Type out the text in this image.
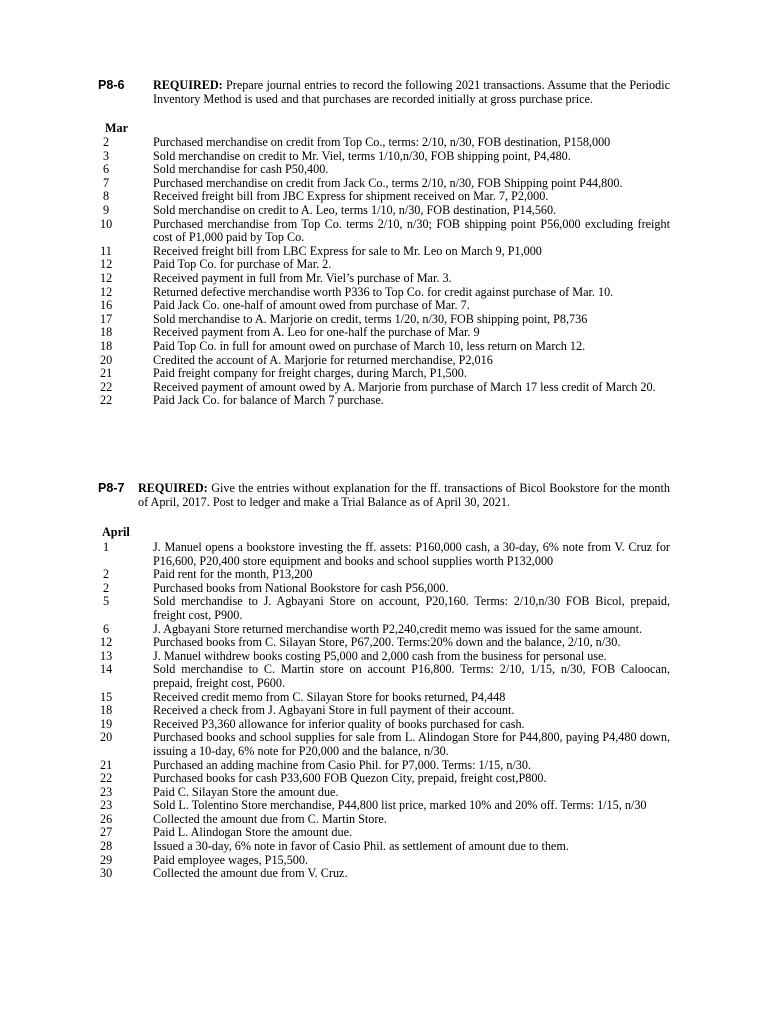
P8-6 REQUIRED: Prepare journal entries to record the following 2021 transactions. Assume that the Periodic Inventory Method is used and that purchases are recorded initially at gross purchase price.
Mar
2	Purchased merchandise on credit from Top Co., terms: 2/10, n/30, FOB destination, P158,000
3	Sold merchandise on credit to Mr. Viel, terms 1/10,n/30, FOB shipping point, P4,480.
6	Sold merchandise for cash P50,400.
7	Purchased merchandise on credit from Jack Co., terms 2/10, n/30, FOB Shipping point P44,800.
8	Received freight bill from JBC Express for shipment received on Mar. 7, P2,000.
9	Sold merchandise on credit to A. Leo, terms 1/10, n/30, FOB destination, P14,560.
10	Purchased merchandise from Top Co. terms 2/10, n/30; FOB shipping point P56,000 excluding freight cost of P1,000 paid by Top Co.
11	Received freight bill from LBC Express for sale to Mr. Leo on March 9, P1,000
12	Paid Top Co. for purchase of Mar. 2.
12	Received payment in full from Mr. Viel’s purchase of Mar. 3.
12	Returned defective merchandise worth P336 to Top Co. for credit against purchase of Mar. 10.
16	Paid Jack Co. one-half of amount owed from purchase of Mar. 7.
17	Sold merchandise to A. Marjorie on credit, terms 1/20, n/30, FOB shipping point, P8,736
18	Received payment from A. Leo for one-half the purchase of Mar. 9
18	Paid Top Co. in full for amount owed on purchase of March 10, less return on March 12.
20	Credited the account of A. Marjorie for returned merchandise, P2,016
21	Paid freight company for freight charges, during March, P1,500.
22	Received payment of amount owed by A. Marjorie from purchase of March 17 less credit of March 20.
22	Paid Jack Co. for balance of March 7 purchase.
P8-7 REQUIRED: Give the entries without explanation for the ff. transactions of Bicol Bookstore for the month of April, 2017. Post to ledger and make a Trial Balance as of April 30, 2021.
April
1	J. Manuel opens a bookstore investing the ff. assets: P160,000 cash, a 30-day, 6% note from V. Cruz for P16,600, P20,400 store equipment and books and school supplies worth P132,000
2	Paid rent for the month, P13,200
2	Purchased books from National Bookstore for cash P56,000.
5	Sold merchandise to J. Agbayani Store on account, P20,160. Terms: 2/10,n/30 FOB Bicol, prepaid, freight cost, P900.
6	J. Agbayani Store returned merchandise worth P2,240,credit memo was issued for the same amount.
12	Purchased books from C. Silayan Store, P67,200. Terms:20% down and the balance, 2/10, n/30.
13	J. Manuel withdrew books costing P5,000 and 2,000 cash from the business for personal use.
14	Sold merchandise to C. Martin store on account P16,800. Terms: 2/10, 1/15, n/30, FOB Caloocan, prepaid, freight cost, P600.
15	Received credit memo from C. Silayan Store for books returned, P4,448
18	Received a check from J. Agbayani Store in full payment of their account.
19	Received P3,360 allowance for inferior quality of books purchased for cash.
20	Purchased books and school supplies for sale from L. Alindogan Store for P44,800, paying P4,480 down, issuing a 10-day, 6% note for P20,000 and the balance, n/30.
21	Purchased an adding machine from Casio Phil. for P7,000. Terms: 1/15, n/30.
22	Purchased books for cash P33,600 FOB Quezon City, prepaid, freight cost,P800.
23	Paid C. Silayan Store the amount due.
23	Sold L. Tolentino Store merchandise, P44,800 list price, marked 10% and 20% off. Terms: 1/15, n/30
26	Collected the amount due from C. Martin Store.
27	Paid L. Alindogan Store the amount due.
28	Issued a 30-day, 6% note in favor of Casio Phil. as settlement of amount due to them.
29	Paid employee wages, P15,500.
30	Collected the amount due from V. Cruz.
